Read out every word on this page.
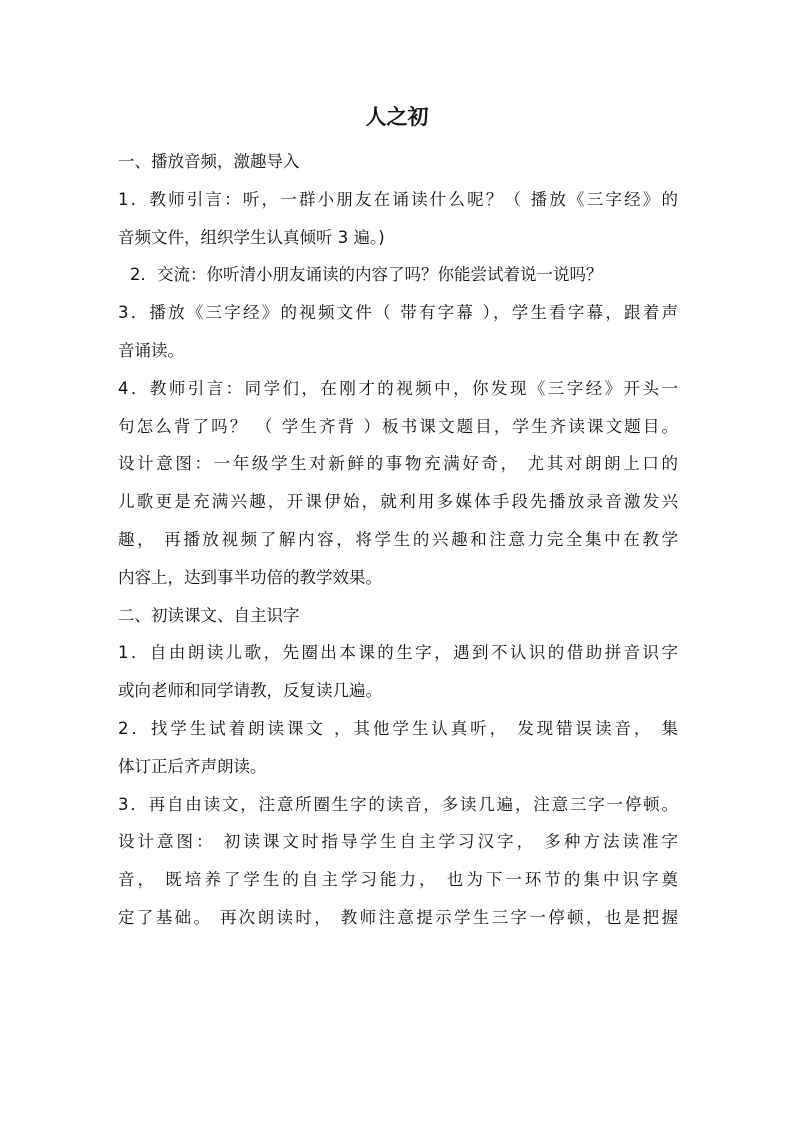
人之初
一、播放音频，激趣导入
1．教师引言：听，一群小朋友在诵读什么呢？（ 播放《三字经》的
音频文件，组织学生认真倾听 3 遍。)
2．交流：你听清小朋友诵读的内容了吗？你能尝试着说一说吗？
3．播放《三字经》的视频文件（ 带有字幕 ），学生看字幕，跟着声
音诵读。
4．教师引言：同学们，在刚才的视频中，你发现《三字经》开头一
句怎么背了吗？ （ 学生齐背 ）板书课文题目，学生齐读课文题目。
设计意图：一年级学生对新鲜的事物充满好奇， 尤其对朗朗上口的
儿歌更是充满兴趣，开课伊始，就利用多媒体手段先播放录音激发兴
趣， 再播放视频了解内容，将学生的兴趣和注意力完全集中在教学
内容上，达到事半功倍的教学效果。
二、初读课文、自主识字
1．自由朗读儿歌，先圈出本课的生字，遇到不认识的借助拼音识字
或向老师和同学请教，反复读几遍。
2．找学生试着朗读课文 ，其他学生认真听， 发现错误读音， 集
体订正后齐声朗读。
3．再自由读文，注意所圈生字的读音，多读几遍，注意三字一停顿。
设计意图： 初读课文时指导学生自主学习汉字， 多种方法读准字
音， 既培养了学生的自主学习能力， 也为下一环节的集中识字奠
定了基础。 再次朗读时， 教师注意提示学生三字一停顿，也是把握
